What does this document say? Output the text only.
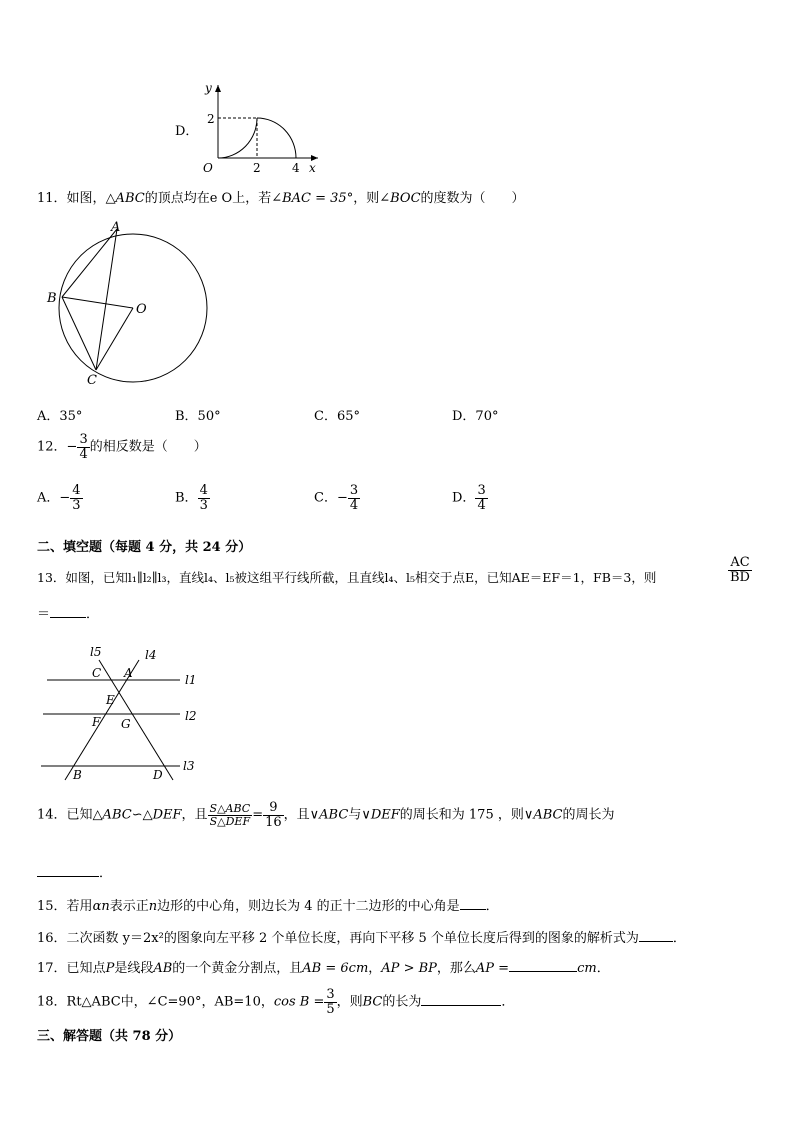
D．
y
x
O
2
2	4
11．如图，△ABC的顶点均在e O上，若∠BAC = 35°，则∠BOC的度数为（　　）
A
B
C
O
A．35°	B．50°	C．65°	D．70°
12．− $\frac{3}{4}$ 的相反数是（　　）
A．− $\frac{4}{3}$	B． $\frac{4}{3}$	C．− $\frac{3}{4}$	D． $\frac{3}{4}$
二、填空题（每题 4 分，共 24 分）
13．如图，已知l₁∥l₂∥l₃，直线l₄、l₅被这组平行线所截，且直线l₄、l₅相交于点E，已知AE＝EF＝1，FB＝3，则	$\frac{AC}{BD}$
＝	．
l5	l4
l1
l2
l3
C A
E
F G
B	D
14．已知△ABC∽△DEF，且 $\frac{\text{S△ABC}}{\text{S△DEF}} = \frac{9}{16}$ ，且∨ABC与∨DEF的周长和为 175 ，则∨ABC的周长为
．
15．若用αn表示正n边形的中心角，则边长为 4 的正十二边形的中心角是 ．
16．二次函数 y＝2x²的图象向左平移 2 个单位长度，再向下平移 5 个单位长度后得到的图象的解析式为	．
17．已知点P是线段AB的一个黄金分割点，且AB = 6cm，AP > BP，那么AP =	cm．
18．Rt△ABC中，∠C=90°，AB=10，$\cos B = \frac{3}{5}$ ，则BC的长为	．
三、解答题（共 78 分）
